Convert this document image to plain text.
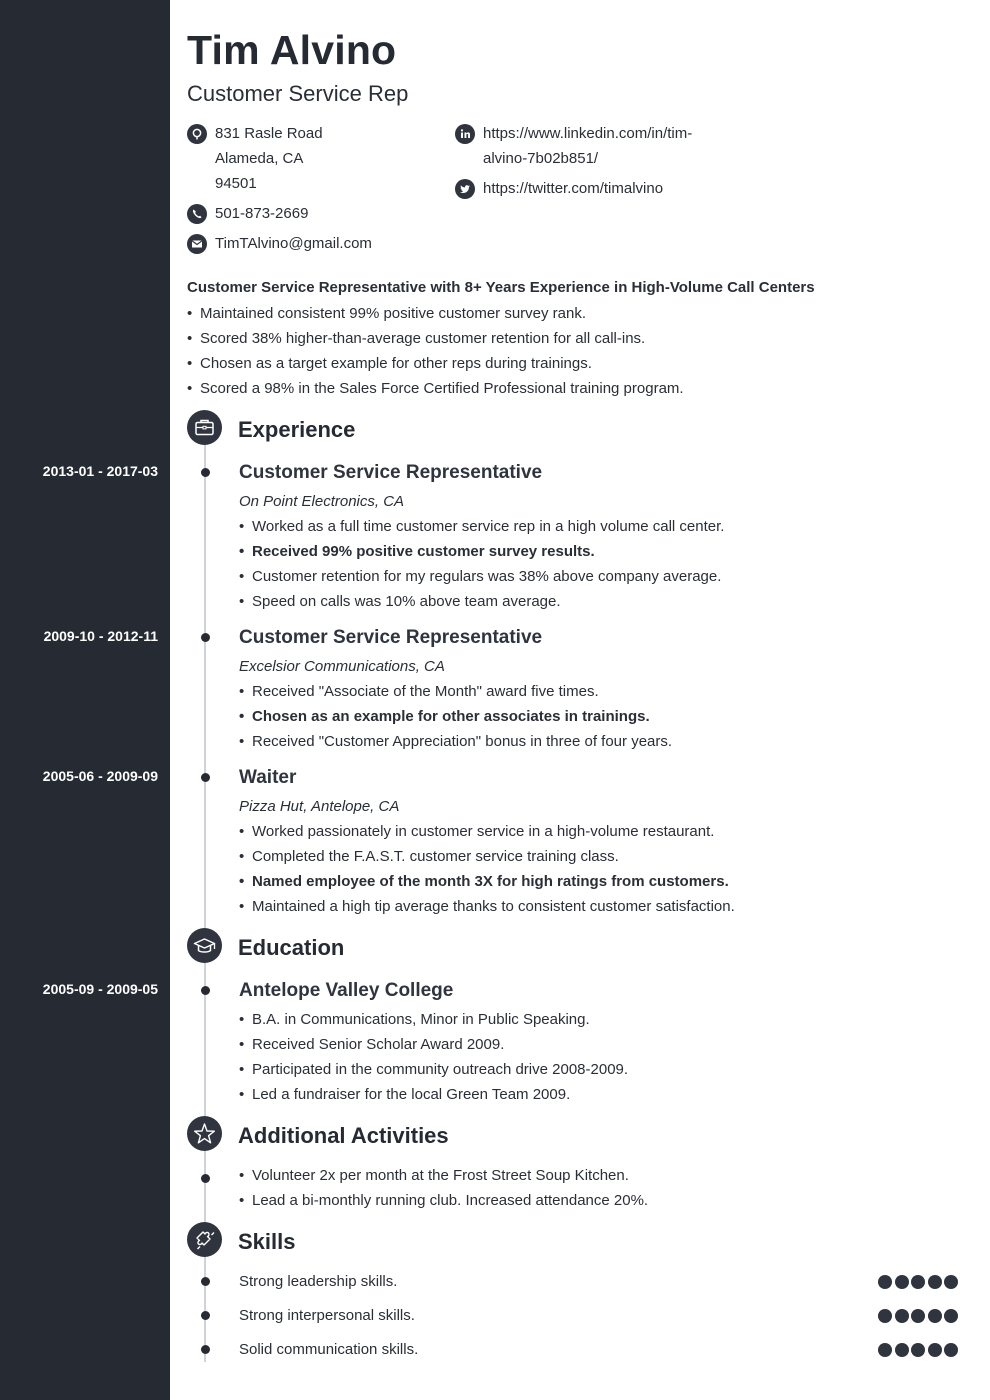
Tim Alvino
Customer Service Rep
831 Rasle Road
Alameda, CA
94501
501-873-2669
TimTAlvino@gmail.com
https://www.linkedin.com/in/tim-
alvino-7b02b851/
https://twitter.com/timalvino
Customer Service Representative with 8+ Years Experience in High-Volume Call Centers
• Maintained consistent 99% positive customer survey rank.
• Scored 38% higher-than-average customer retention for all call-ins.
• Chosen as a target example for other reps during trainings.
• Scored a 98% in the Sales Force Certified Professional training program.
Experience
2013-01 - 2017-03	Customer Service Representative
On Point Electronics, CA
• Worked as a full time customer service rep in a high volume call center.
• Received 99% positive customer survey results.
• Customer retention for my regulars was 38% above company average.
• Speed on calls was 10% above team average.
2009-10 - 2012-11	Customer Service Representative
Excelsior Communications, CA
• Received "Associate of the Month" award five times.
• Chosen as an example for other associates in trainings.
• Received "Customer Appreciation" bonus in three of four years.
2005-06 - 2009-09	Waiter
Pizza Hut, Antelope, CA
• Worked passionately in customer service in a high-volume restaurant.
• Completed the F.A.S.T. customer service training class.
• Named employee of the month 3X for high ratings from customers.
• Maintained a high tip average thanks to consistent customer satisfaction.
Education
2005-09 - 2009-05	Antelope Valley College
• B.A. in Communications, Minor in Public Speaking.
• Received Senior Scholar Award 2009.
• Participated in the community outreach drive 2008-2009.
• Led a fundraiser for the local Green Team 2009.
Additional Activities
• Volunteer 2x per month at the Frost Street Soup Kitchen.
• Lead a bi-monthly running club. Increased attendance 20%.
Skills
Strong leadership skills.
Strong interpersonal skills.
Solid communication skills.
